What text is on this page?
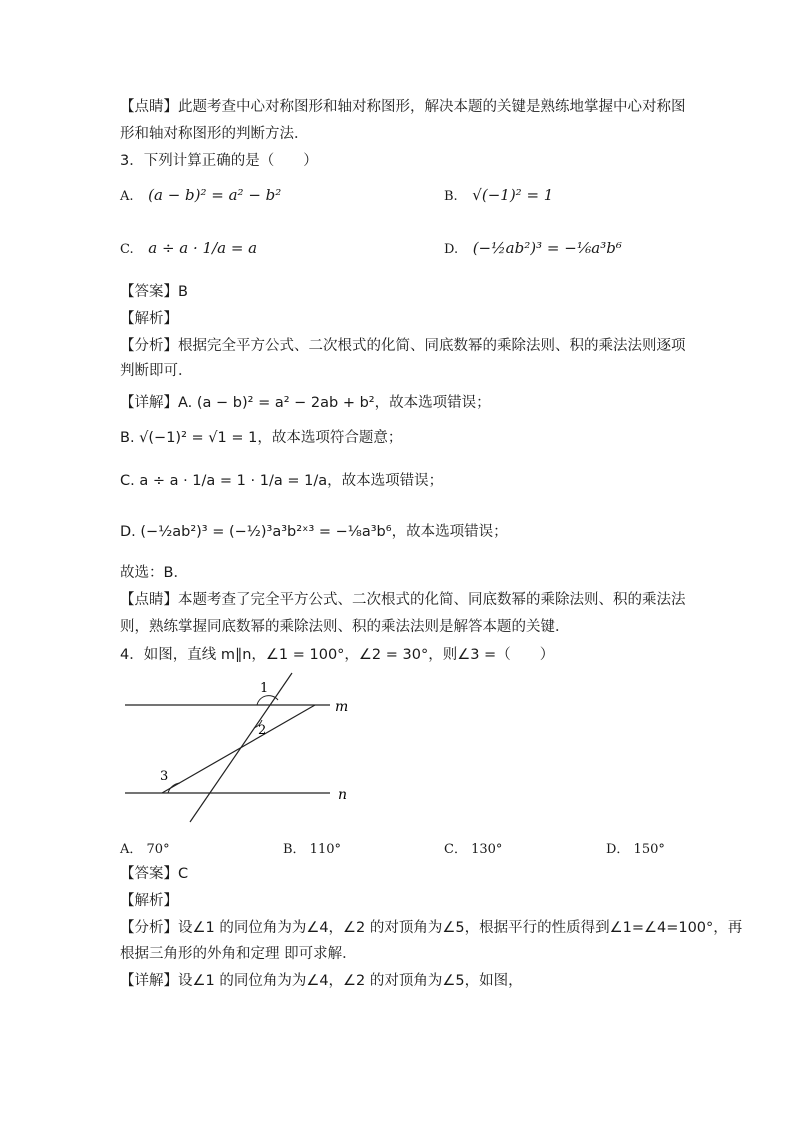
【点睛】此题考查中心对称图形和轴对称图形，解决本题的关键是熟练地掌握中心对称图
形和轴对称图形的判断方法．
3．下列计算正确的是（　　）
A. (a − b)² = a² − b²	B. √(−1)² = 1
C. a ÷ a · 1/a = a	D. (−½ab²)³ = −⅙a³b⁶
【答案】B
【解析】
【分析】根据完全平方公式、二次根式的化简、同底数幂的乘除法则、积的乘法法则逐项
判断即可．
【详解】A. (a − b)² = a² − 2ab + b²，故本选项错误；
B. √(−1)² = √1 = 1，故本选项符合题意；
C. a ÷ a · 1/a = 1 · 1/a = 1/a，故本选项错误；
D. (−½ab²)³ = (−½)³a³b²ˣ³ = −⅛a³b⁶，故本选项错误；
故选：B．
【点睛】本题考查了完全平方公式、二次根式的化简、同底数幂的乘除法则、积的乘法法
则，熟练掌握同底数幂的乘除法则、积的乘法法则是解答本题的关键．
4．如图，直线 m∥n，∠1 = 100°，∠2 = 30°，则∠3 =（　　）
1
2
3
m
n
A． 70°	B． 110°	C． 130°	D． 150°
【答案】C
【解析】
【分析】设∠1 的同位角为为∠4，∠2 的对顶角为∠5，根据平行的性质得到∠1=∠4=100°，再
根据三角形的外角和定理 即可求解．
【详解】设∠1 的同位角为为∠4，∠2 的对顶角为∠5，如图，
